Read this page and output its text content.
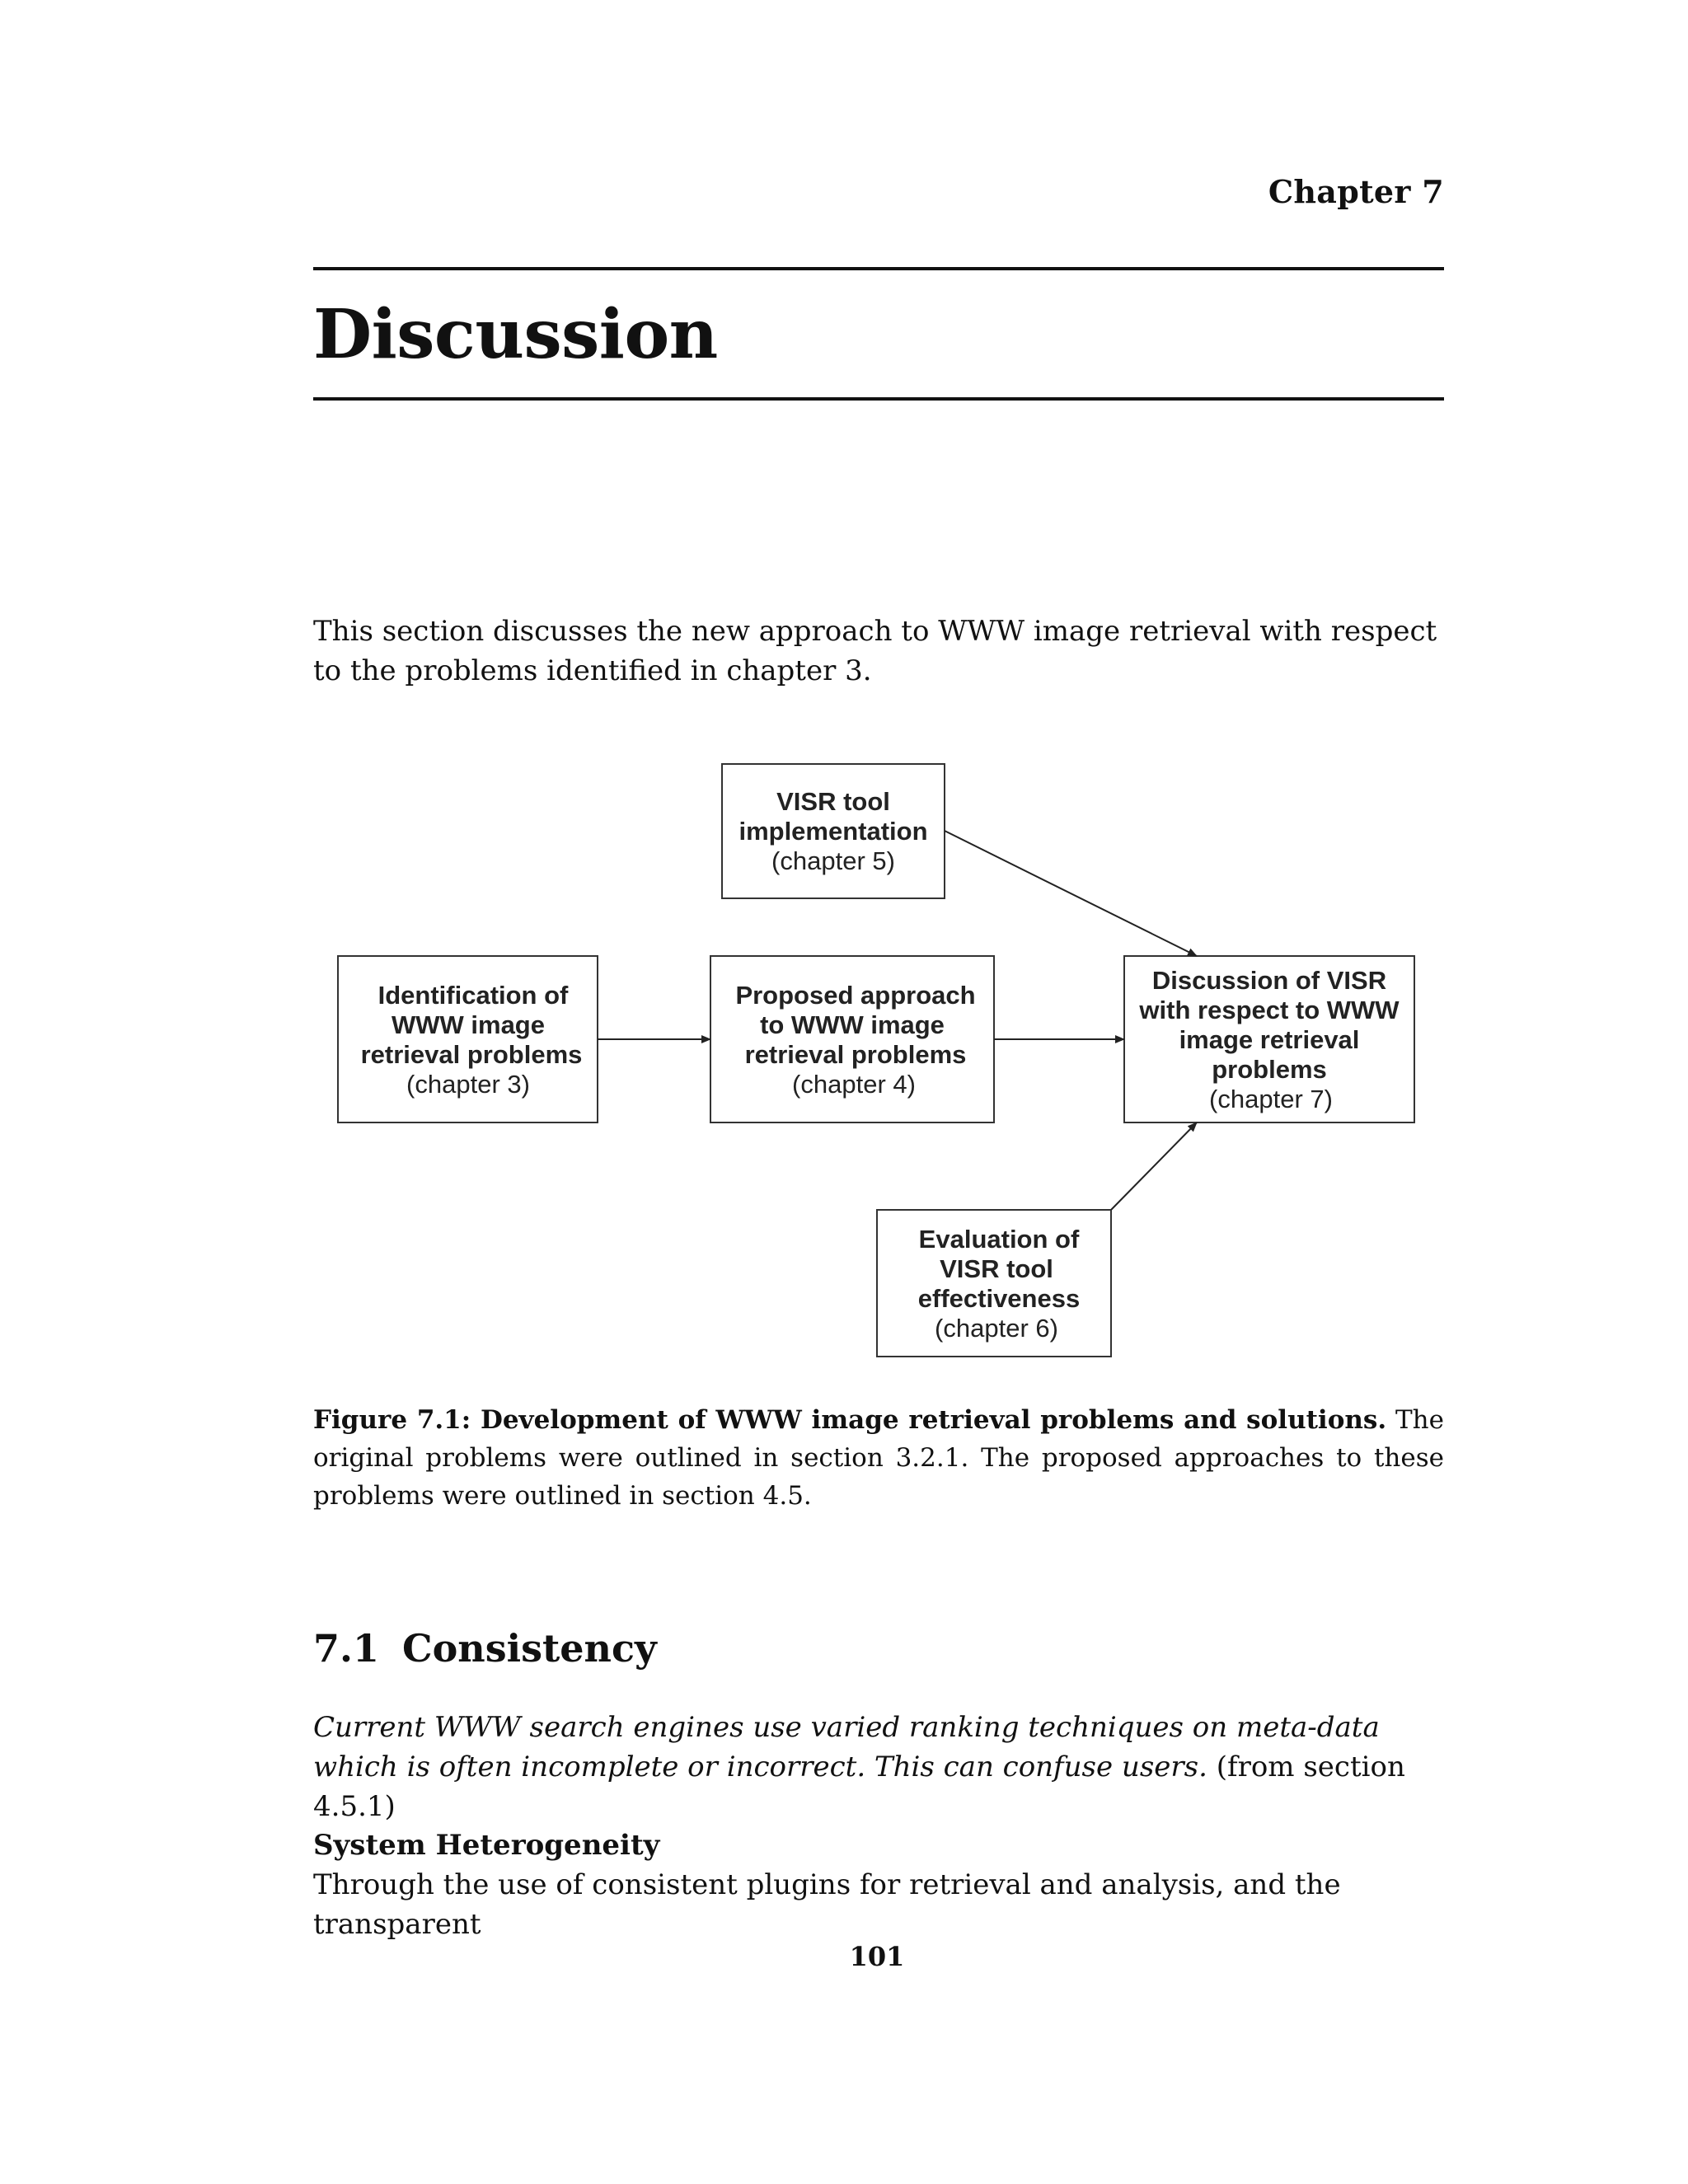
Chapter 7
Discussion

This section discusses the new approach to WWW image retrieval with respect to the problems identified in chapter 3.

VISR tool
implementation
(chapter 5)
Identification of
WWW image
retrieval problems
(chapter 3)
Proposed approach
to WWW image
retrieval problems
(chapter 4)
Discussion of VISR
with respect to WWW
image retrieval
problems
(chapter 7)
Evaluation of
VISR tool
effectiveness
(chapter 6)

Figure 7.1: Development of WWW image retrieval problems and solutions. The original problems were outlined in section 3.2.1. The proposed approaches to these problems were outlined in section 4.5.

7.1 Consistency

Current WWW search engines use varied ranking techniques on meta-data which is often incomplete or incorrect. This can confuse users. (from section 4.5.1)

System Heterogeneity
Through the use of consistent plugins for retrieval and analysis, and the transparent
101
